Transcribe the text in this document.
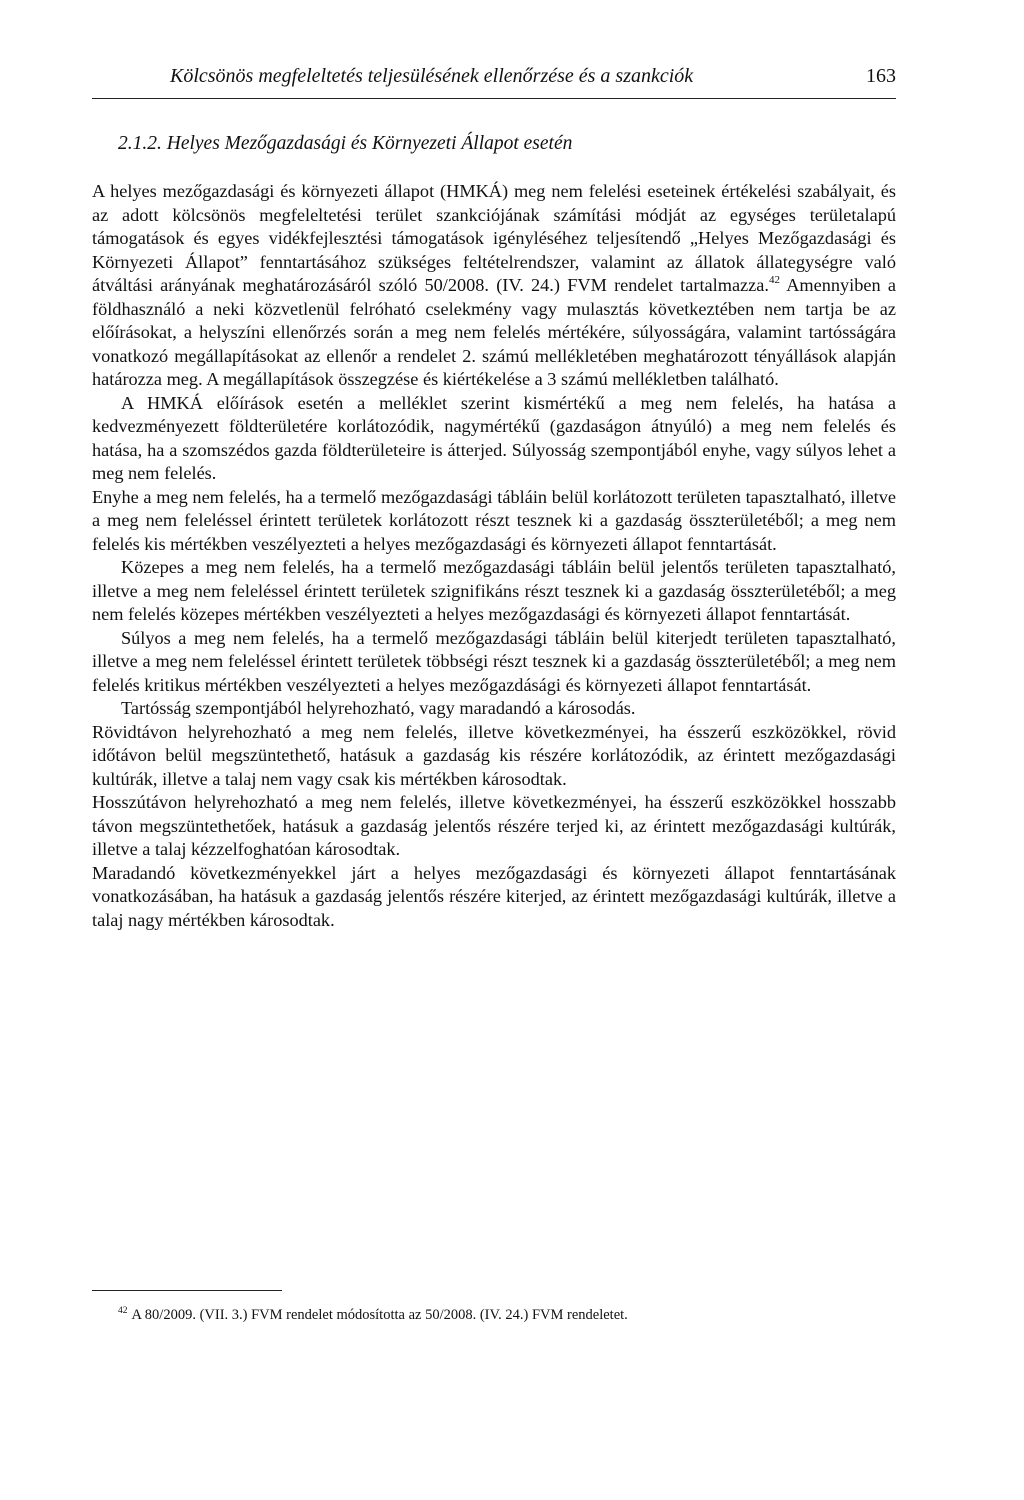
Kölcsönös megfeleltetés teljesülésének ellenőrzése és a szankciók	163
2.1.2. Helyes Mezőgazdasági és Környezeti Állapot esetén

A helyes mezőgazdasági és környezeti állapot (HMKÁ) meg nem felelési eseteinek értékelési szabályait, és az adott kölcsönös megfeleltetési terület szankciójának számítási módját az egységes területalapú támogatások és egyes vidékfejlesztési támogatások igényléséhez teljesítendő „Helyes Mezőgazdasági és Környezeti Állapot” fenntartásához szükséges feltételrendszer, valamint az állatok állategységre való átváltási arányának meghatározásáról szóló 50/2008. (IV. 24.) FVM rendelet tartalmazza.$^{42}$ Amennyiben a földhasználó a neki közvetlenül felróható cselekmény vagy mulasztás következtében nem tartja be az előírásokat, a helyszíni ellenőrzés során a meg nem felelés mértékére, súlyosságára, valamint tartósságára vonatkozó megállapításokat az ellenőr a rendelet 2. számú mellékletében meghatározott tényállások alapján határozza meg. A megállapítások összegzése és kiértékelése a 3 számú mellékletben található.

A HMKÁ előírások esetén a melléklet szerint kismértékű a meg nem felelés, ha hatása a kedvezményezett földterületére korlátozódik, nagymértékű (gazdaságon átnyúló) a meg nem felelés és hatása, ha a szomszédos gazda földterületeire is átterjed. Súlyosság szempontjából enyhe, vagy súlyos lehet a meg nem felelés.

Enyhe a meg nem felelés, ha a termelő mezőgazdasági tábláin belül korlátozott területen tapasztalható, illetve a meg nem feleléssel érintett területek korlátozott részt tesznek ki a gazdaság összterületéből; a meg nem felelés kis mértékben veszélyezteti a helyes mezőgazdasági és környezeti állapot fenntartását.

Közepes a meg nem felelés, ha a termelő mezőgazdasági tábláin belül jelentős területen tapasztalható, illetve a meg nem feleléssel érintett területek szignifikáns részt tesznek ki a gazdaság összterületéből; a meg nem felelés közepes mértékben veszélyezteti a helyes mezőgazdasági és környezeti állapot fenntartását.

Súlyos a meg nem felelés, ha a termelő mezőgazdasági tábláin belül kiterjedt területen tapasztalható, illetve a meg nem feleléssel érintett területek többségi részt tesznek ki a gazdaság összterületéből; a meg nem felelés kritikus mértékben veszélyezteti a helyes mezőgazdásági és környezeti állapot fenntartását.

Tartósság szempontjából helyrehozható, vagy maradandó a károsodás.

Rövidtávon helyrehozható a meg nem felelés, illetve következményei, ha ésszerű eszközökkel, rövid időtávon belül megszüntethető, hatásuk a gazdaság kis részére korlátozódik, az érintett mezőgazdasági kultúrák, illetve a talaj nem vagy csak kis mértékben károsodtak.

Hosszútávon helyrehozható a meg nem felelés, illetve következményei, ha ésszerű eszközökkel hosszabb távon megszüntethetőek, hatásuk a gazdaság jelentős részére terjed ki, az érintett mezőgazdasági kultúrák, illetve a talaj kézzelfoghatóan károsodtak.

Maradandó következményekkel járt a helyes mezőgazdasági és környezeti állapot fenntartásának vonatkozásában, ha hatásuk a gazdaság jelentős részére kiterjed, az érintett mezőgazdasági kultúrák, illetve a talaj nagy mértékben károsodtak.

$^{42}$ A 80/2009. (VII. 3.) FVM rendelet módosította az 50/2008. (IV. 24.) FVM rendeletet.
